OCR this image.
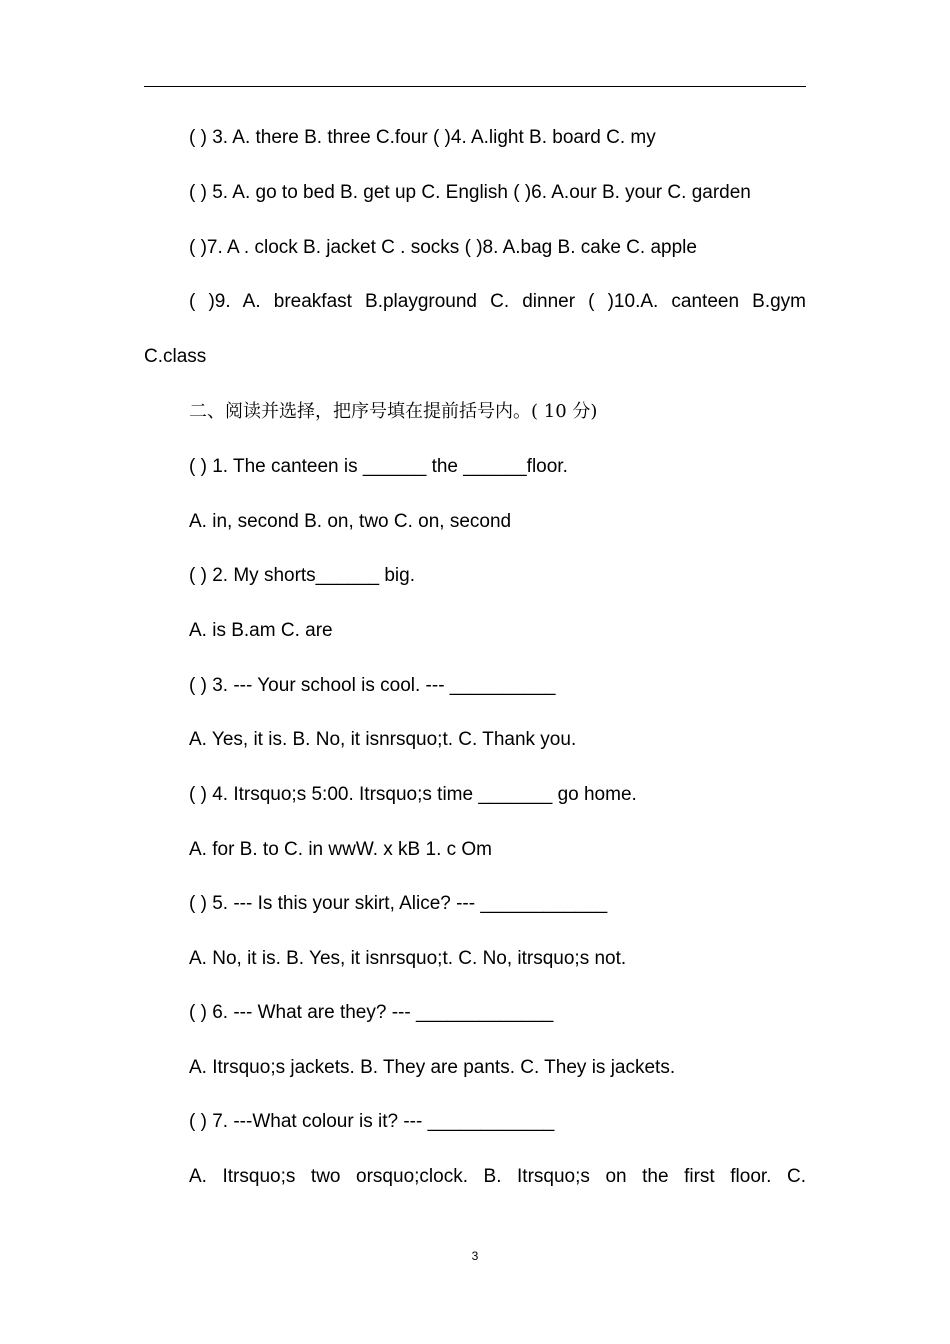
( ) 3. A. there B. three C.four ( )4. A.light B. board C. my
( ) 5. A. go to bed B. get up C. English ( )6. A.our B. your C. garden
( )7. A . clock B. jacket C . socks ( )8. A.bag B. cake C. apple
( )9. A. breakfast B.playground C. dinner ( )10.A. canteen B.gym
C.class
二、阅读并选择，把序号填在提前括号内。( 10 分)
( ) 1. The canteen is ______ the ______floor.
A. in, second B. on, two C. on, second
( ) 2. My shorts______ big.
A. is B.am C. are
( ) 3. --- Your school is cool. --- __________
A. Yes, it is. B. No, it isnrsquo;t. C. Thank you.
( ) 4. Itrsquo;s 5:00. Itrsquo;s time _______ go home.
A. for B. to C. in wwW. x kB 1. c Om
( ) 5. --- Is this your skirt, Alice? --- ____________
A. No, it is. B. Yes, it isnrsquo;t. C. No, itrsquo;s not.
( ) 6. --- What are they? --- _____________
A. Itrsquo;s jackets. B. They are pants. C. They is jackets.
( ) 7. ---What colour is it? --- ____________
A. Itrsquo;s two orsquo;clock. B. Itrsquo;s on the first floor. C.
3
